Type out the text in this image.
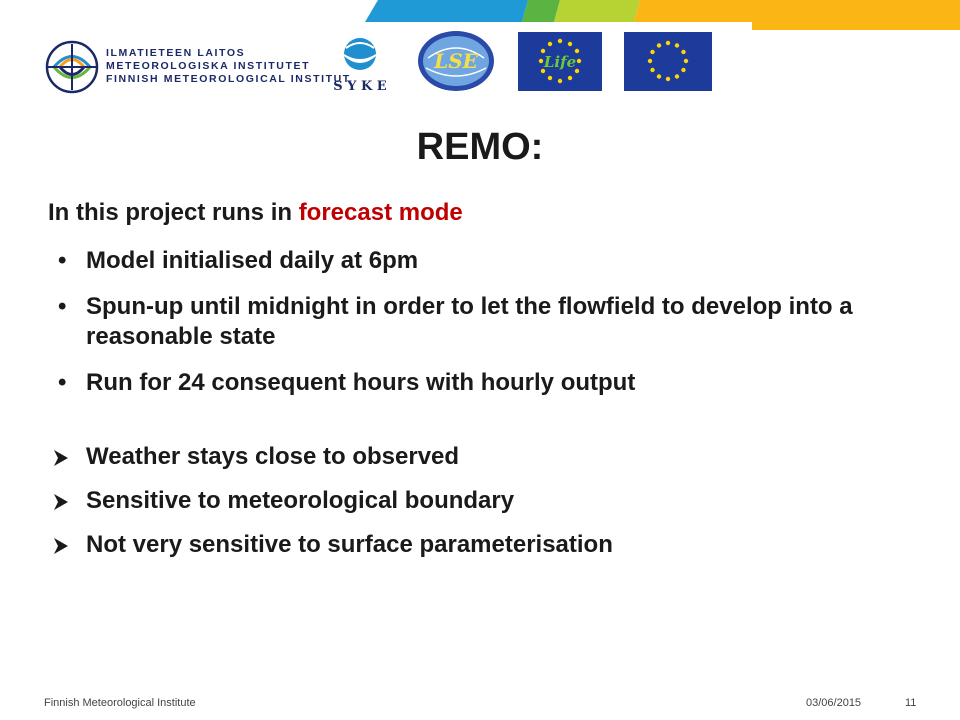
ILMATIETEEN LAITOS
METEOROLOGISKA INSTITUTET
FINNISH METEOROLOGICAL INSTITUT
S Y K E
LSE	Life
REMO:
In this project runs in forecast mode
• Model initialised daily at 6pm
• Spun-up until midnight in order to let the flowfield to develop into a reasonable state
• Run for 24 consequent hours with hourly output
Weather stays close to observed
Sensitive to meteorological boundary
Not very sensitive to surface parameterisation
Finnish Meteorological Institute	03/06/2015	11
